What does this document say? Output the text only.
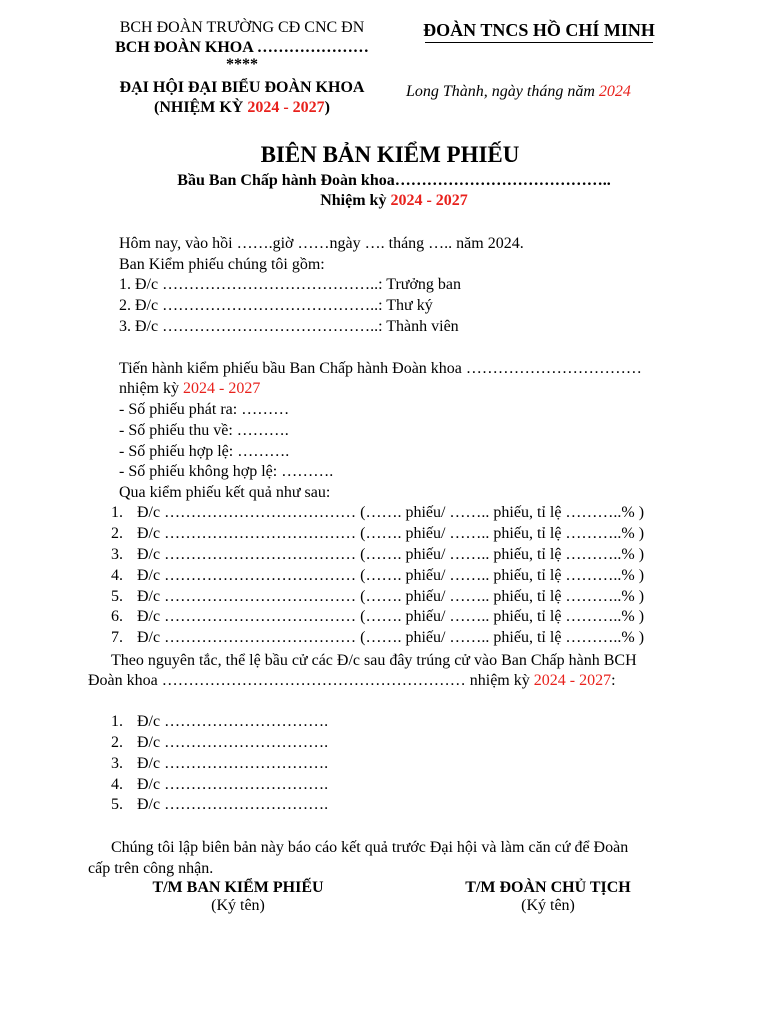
BCH ĐOÀN TRƯỜNG CĐ CNC ĐN
BCH ĐOÀN KHOA …………………
****
ĐẠI HỘI ĐẠI BIỂU ĐOÀN KHOA
(NHIỆM KỲ 2024 - 2027)
ĐOÀN TNCS HỒ CHÍ MINH
Long Thành, ngày tháng năm 2024
BIÊN BẢN KIỂM PHIẾU
Bầu Ban Chấp hành Đoàn khoa…………………………………..
Nhiệm kỳ 2024 - 2027
Hôm nay, vào hồi …….giờ ……ngày …. tháng ….. năm 2024.
Ban Kiểm phiếu chúng tôi gồm:
1. Đ/c …………………………………..: Trưởng ban
2. Đ/c …………………………………..: Thư ký
3. Đ/c …………………………………..: Thành viên
Tiến hành kiểm phiếu bầu Ban Chấp hành Đoàn khoa ……………………………
nhiệm kỳ 2024 - 2027
- Số phiếu phát ra: ………
- Số phiếu thu về: ……….
- Số phiếu hợp lệ: ……….
- Số phiếu không hợp lệ: ……….
Qua kiểm phiếu kết quả như sau:
1. Đ/c ……………………………… (……. phiếu/ …….. phiếu, tỉ lệ ………..% )
2. Đ/c ……………………………… (……. phiếu/ …….. phiếu, tỉ lệ ………..% )
3. Đ/c ……………………………… (……. phiếu/ …….. phiếu, tỉ lệ ………..% )
4. Đ/c ……………………………… (……. phiếu/ …….. phiếu, tỉ lệ ………..% )
5. Đ/c ……………………………… (……. phiếu/ …….. phiếu, tỉ lệ ………..% )
6. Đ/c ……………………………… (……. phiếu/ …….. phiếu, tỉ lệ ………..% )
7. Đ/c ……………………………… (……. phiếu/ …….. phiếu, tỉ lệ ………..% )
Theo nguyên tắc, thể lệ bầu cử các Đ/c sau đây trúng cử vào Ban Chấp hành BCH
Đoàn khoa ………………………………………………… nhiệm kỳ 2024 - 2027:
1. Đ/c ………………………….
2. Đ/c ………………………….
3. Đ/c ………………………….
4. Đ/c ………………………….
5. Đ/c ………………………….
Chúng tôi lập biên bản này báo cáo kết quả trước Đại hội và làm căn cứ để Đoàn
cấp trên công nhận.
T/M BAN KIỂM PHIẾU
(Ký tên)
T/M ĐOÀN CHỦ TỊCH
(Ký tên)
